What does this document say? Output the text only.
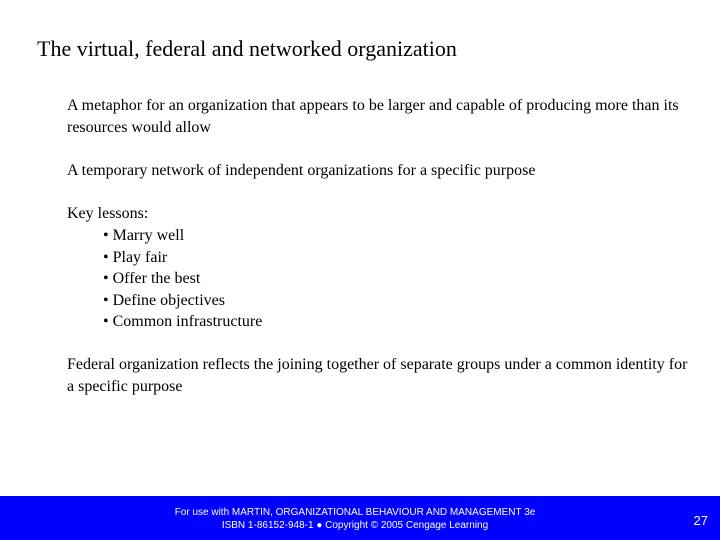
The virtual, federal and networked organization
A metaphor for an organization that appears to be larger and capable of producing more than its resources would allow
A temporary network of independent organizations for a specific purpose
Key lessons:
• Marry well
• Play fair
• Offer the best
• Define objectives
• Common infrastructure
Federal organization reflects the joining together of separate groups under a common identity for a specific purpose
For use with MARTIN, ORGANIZATIONAL BEHAVIOUR AND MANAGEMENT 3e
ISBN 1-86152-948-1 ● Copyright © 2005 Cengage Learning	27
